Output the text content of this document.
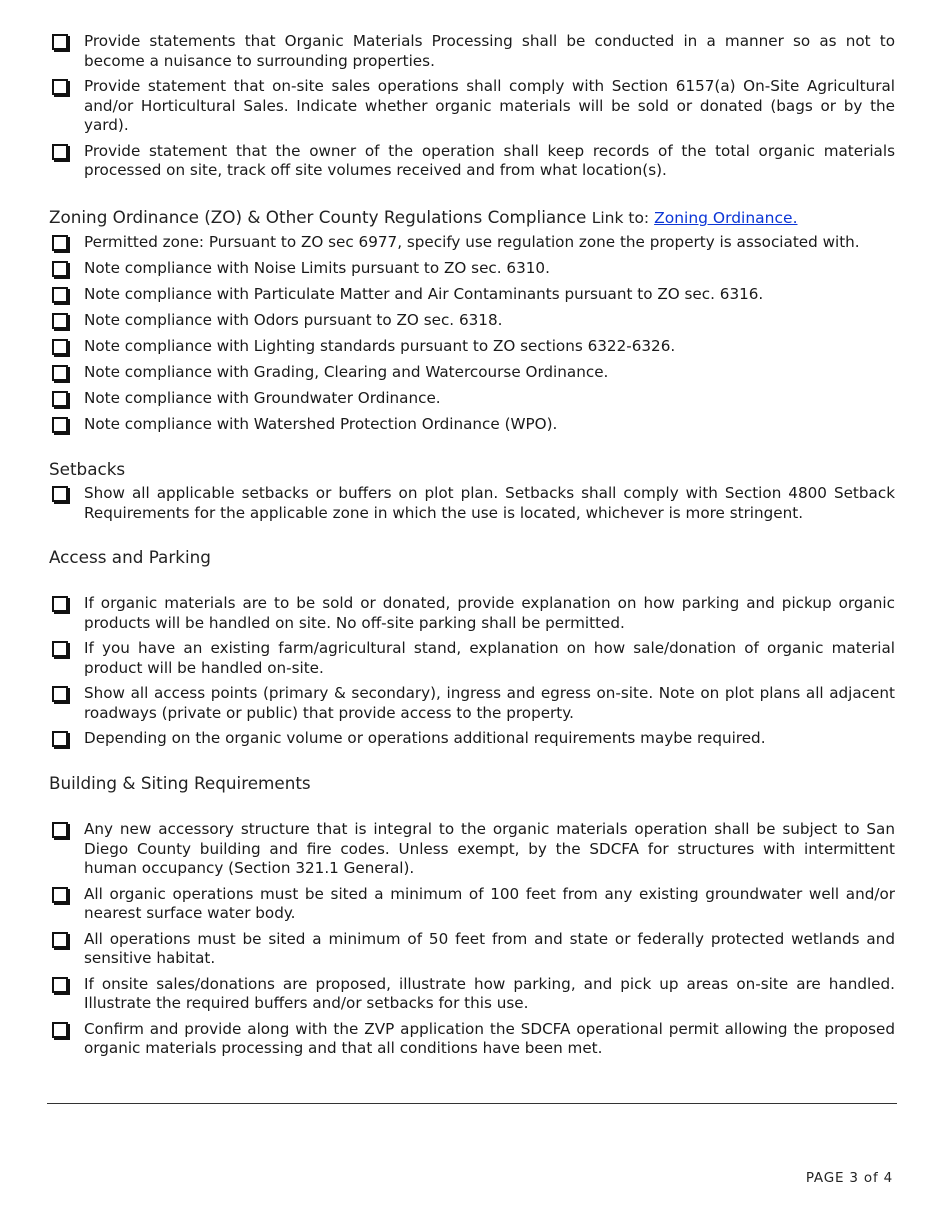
Provide statements that Organic Materials Processing shall be conducted in a manner so as not to become a nuisance to surrounding properties.
Provide statement that on-site sales operations shall comply with Section 6157(a) On-Site Agricultural and/or Horticultural Sales. Indicate whether organic materials will be sold or donated (bags or by the yard).
Provide statement that the owner of the operation shall keep records of the total organic materials processed on site, track off site volumes received and from what location(s).
Zoning Ordinance (ZO) & Other County Regulations Compliance Link to: Zoning Ordinance.
Permitted zone: Pursuant to ZO sec 6977, specify use regulation zone the property is associated with.
Note compliance with Noise Limits pursuant to ZO sec. 6310.
Note compliance with Particulate Matter and Air Contaminants pursuant to ZO sec. 6316.
Note compliance with Odors pursuant to ZO sec. 6318.
Note compliance with Lighting standards pursuant to ZO sections 6322-6326.
Note compliance with Grading, Clearing and Watercourse Ordinance.
Note compliance with Groundwater Ordinance.
Note compliance with Watershed Protection Ordinance (WPO).
Setbacks
Show all applicable setbacks or buffers on plot plan. Setbacks shall comply with Section 4800 Setback Requirements for the applicable zone in which the use is located, whichever is more stringent.
Access and Parking
If organic materials are to be sold or donated, provide explanation on how parking and pickup organic products will be handled on site. No off-site parking shall be permitted.
If you have an existing farm/agricultural stand, explanation on how sale/donation of organic material product will be handled on-site.
Show all access points (primary & secondary), ingress and egress on-site. Note on plot plans all adjacent roadways (private or public) that provide access to the property.
Depending on the organic volume or operations additional requirements maybe required.
Building & Siting Requirements
Any new accessory structure that is integral to the organic materials operation shall be subject to San Diego County building and fire codes. Unless exempt, by the SDCFA for structures with intermittent human occupancy (Section 321.1 General).
All organic operations must be sited a minimum of 100 feet from any existing groundwater well and/or nearest surface water body.
All operations must be sited a minimum of 50 feet from and state or federally protected wetlands and sensitive habitat.
If onsite sales/donations are proposed, illustrate how parking, and pick up areas on-site are handled. Illustrate the required buffers and/or setbacks for this use.
Confirm and provide along with the ZVP application the SDCFA operational permit allowing the proposed organic materials processing and that all conditions have been met.
PAGE 3 of 4
